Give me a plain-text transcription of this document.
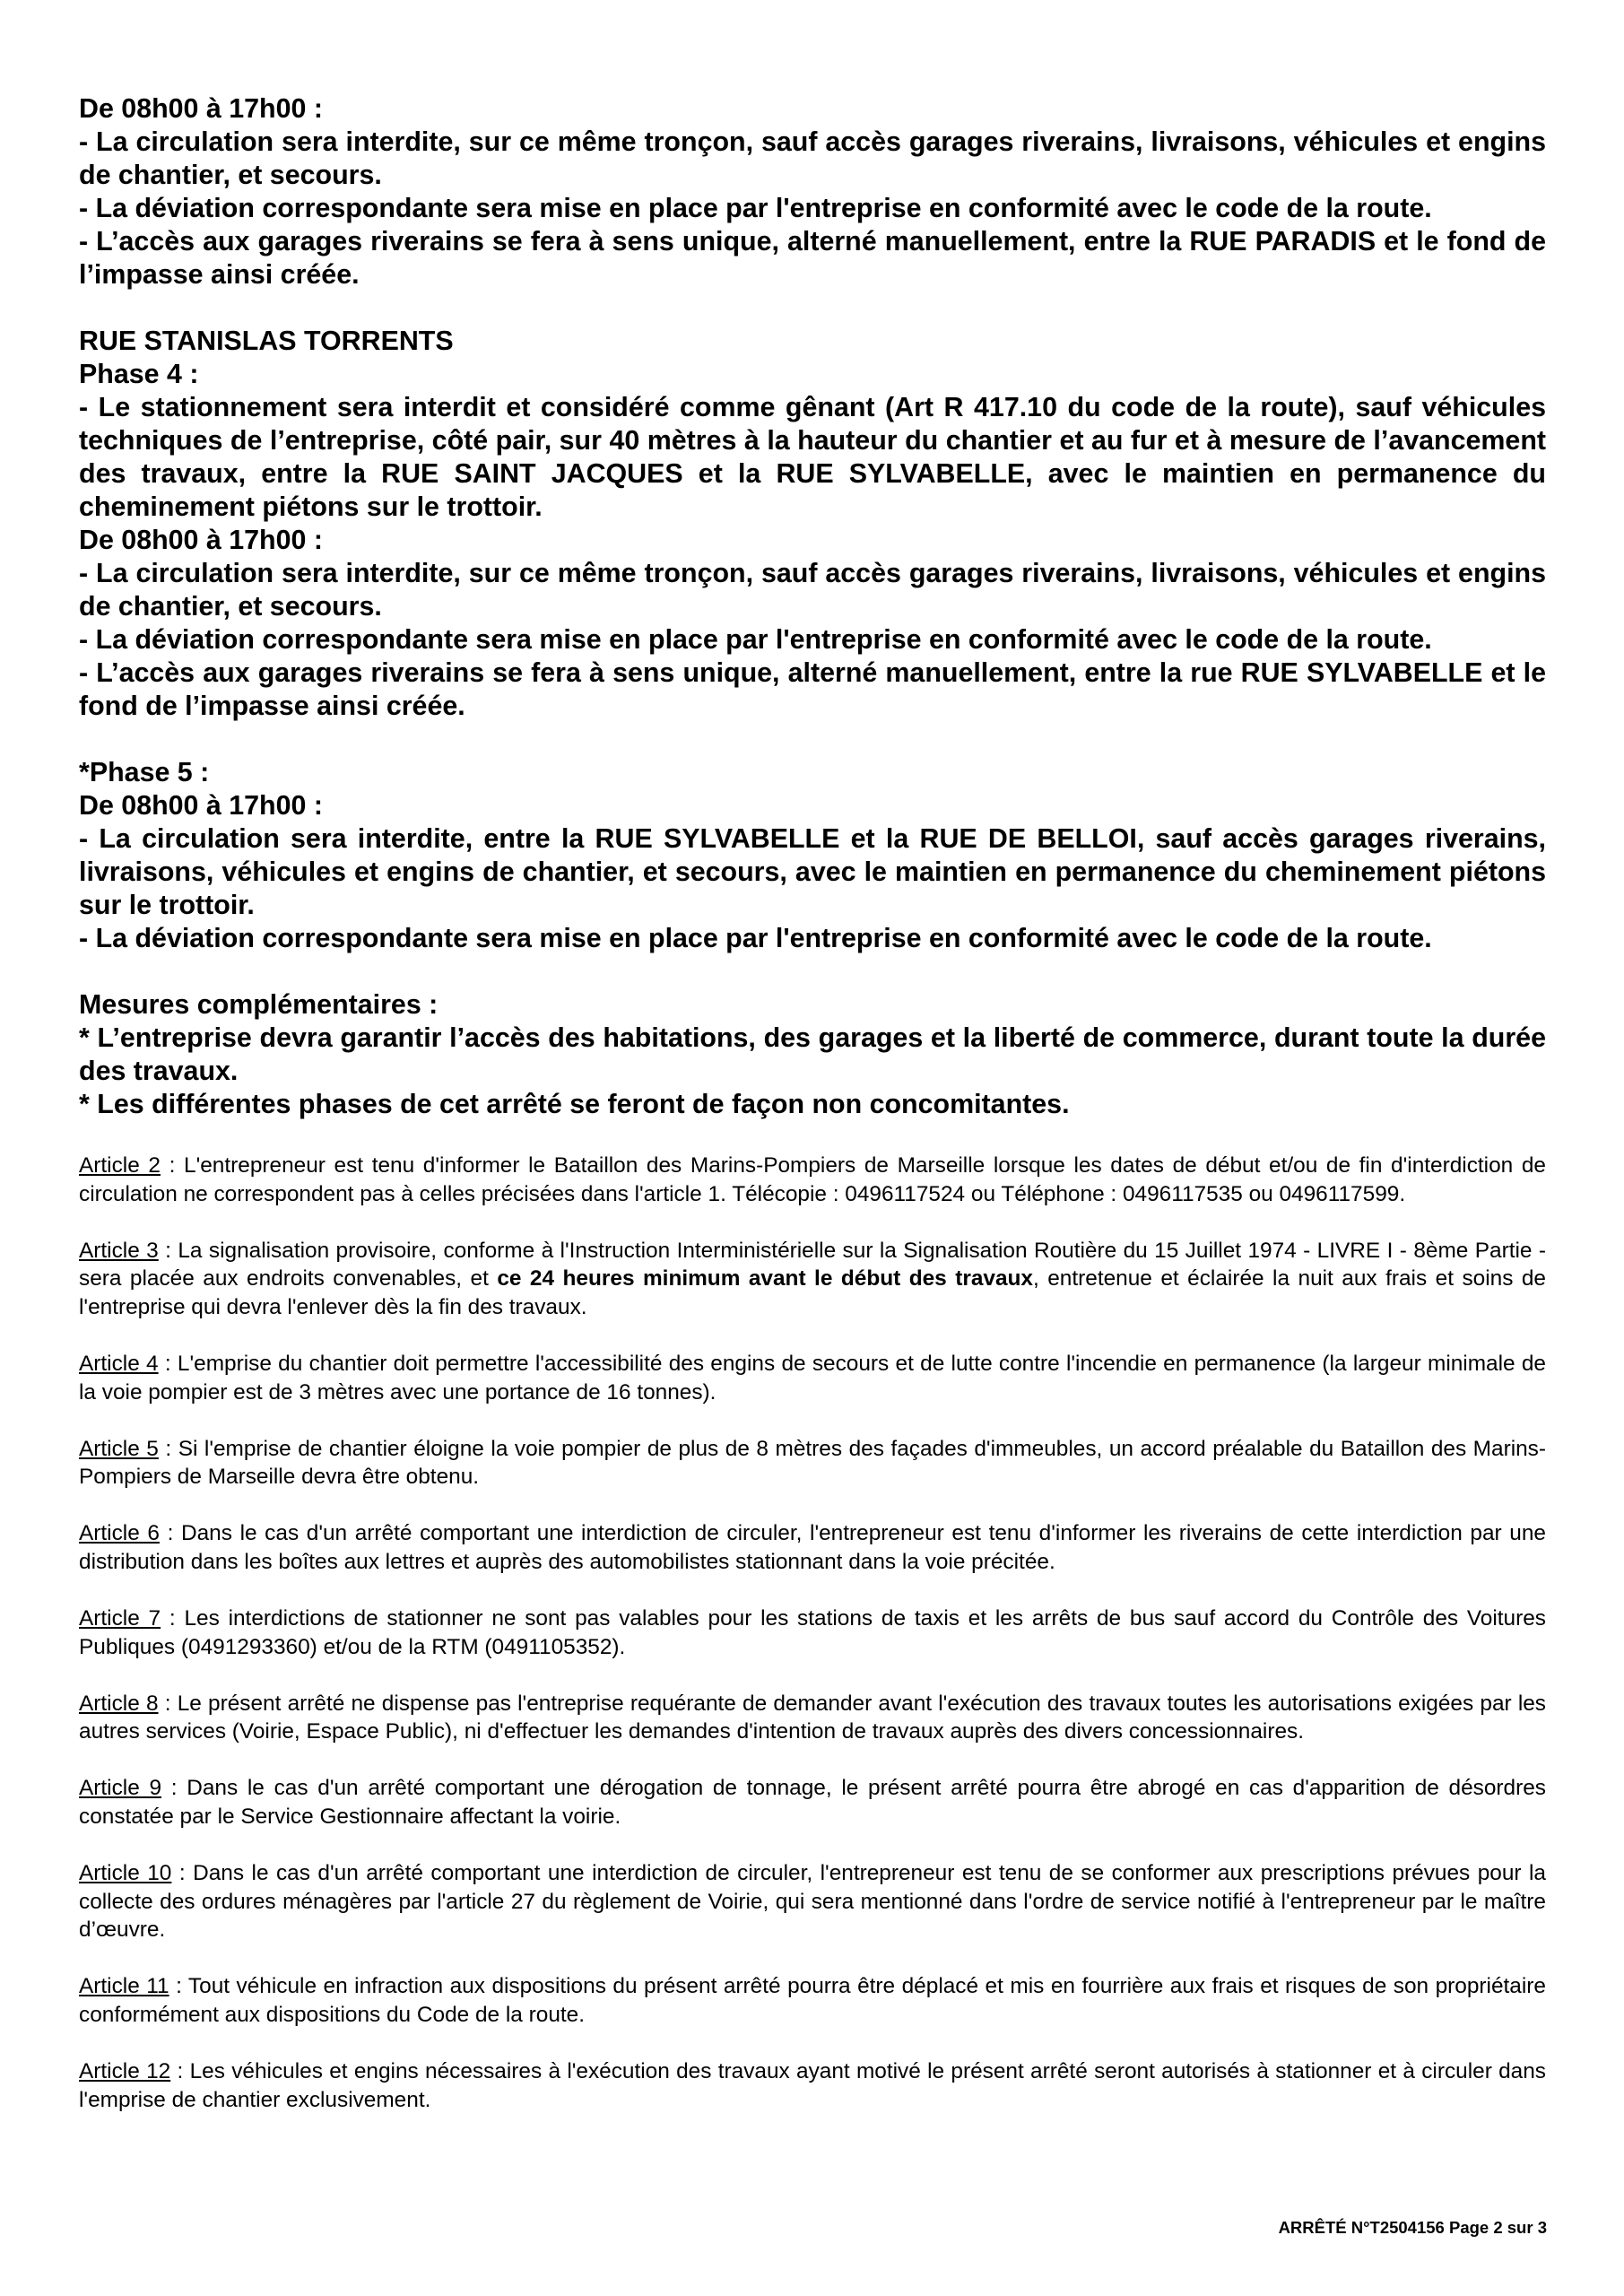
De 08h00 à 17h00 :

- La circulation sera interdite, sur ce même tronçon, sauf accès garages riverains, livraisons, véhicules et engins de chantier, et secours.

- La déviation correspondante sera mise en place par l'entreprise en conformité avec le code de la route.

- L’accès aux garages riverains se fera à sens unique, alterné manuellement, entre la RUE PARADIS et le fond de l’impasse ainsi créée.

RUE STANISLAS TORRENTS

Phase 4 :

- Le stationnement sera interdit et considéré comme gênant (Art R 417.10 du code de la route), sauf véhicules techniques de l’entreprise, côté pair, sur 40 mètres à la hauteur du chantier et au fur et à mesure de l’avancement des travaux, entre la RUE SAINT JACQUES et la RUE SYLVABELLE, avec le maintien en permanence du cheminement piétons sur le trottoir.

De 08h00 à 17h00 :

- La circulation sera interdite, sur ce même tronçon, sauf accès garages riverains, livraisons, véhicules et engins de chantier, et secours.

- La déviation correspondante sera mise en place par l'entreprise en conformité avec le code de la route.

- L’accès aux garages riverains se fera à sens unique, alterné manuellement, entre la rue RUE SYLVABELLE et le fond de l’impasse ainsi créée.

*Phase 5 :

De 08h00 à 17h00 :

- La circulation sera interdite, entre la RUE SYLVABELLE et la RUE DE BELLOI, sauf accès garages riverains, livraisons, véhicules et engins de chantier, et secours, avec le maintien en permanence du cheminement piétons sur le trottoir.

- La déviation correspondante sera mise en place par l'entreprise en conformité avec le code de la route.

Mesures complémentaires :

* L’entreprise devra garantir l’accès des habitations, des garages et la liberté de commerce, durant toute la durée des travaux.

* Les différentes phases de cet arrêté se feront de façon non concomitantes.

Article 2 : L'entrepreneur est tenu d'informer le Bataillon des Marins-Pompiers de Marseille lorsque les dates de début et/ou de fin d'interdiction de circulation ne correspondent pas à celles précisées dans l'article 1. Télécopie : 0496117524 ou Téléphone : 0496117535 ou 0496117599.

Article 3 : La signalisation provisoire, conforme à l'Instruction Interministérielle sur la Signalisation Routière du 15 Juillet 1974 - LIVRE I - 8ème Partie - sera placée aux endroits convenables, et ce 24 heures minimum avant le début des travaux, entretenue et éclairée la nuit aux frais et soins de l'entreprise qui devra l'enlever dès la fin des travaux.

Article 4 : L'emprise du chantier doit permettre l'accessibilité des engins de secours et de lutte contre l'incendie en permanence (la largeur minimale de la voie pompier est de 3 mètres avec une portance de 16 tonnes).

Article 5 : Si l'emprise de chantier éloigne la voie pompier de plus de 8 mètres des façades d'immeubles, un accord préalable du Bataillon des Marins-Pompiers de Marseille devra être obtenu.

Article 6 : Dans le cas d'un arrêté comportant une interdiction de circuler, l'entrepreneur est tenu d'informer les riverains de cette interdiction par une distribution dans les boîtes aux lettres et auprès des automobilistes stationnant dans la voie précitée.

Article 7 : Les interdictions de stationner ne sont pas valables pour les stations de taxis et les arrêts de bus sauf accord du Contrôle des Voitures Publiques (0491293360) et/ou de la RTM (0491105352).

Article 8 : Le présent arrêté ne dispense pas l'entreprise requérante de demander avant l'exécution des travaux toutes les autorisations exigées par les autres services (Voirie, Espace Public), ni d'effectuer les demandes d'intention de travaux auprès des divers concessionnaires.

Article 9 : Dans le cas d'un arrêté comportant une dérogation de tonnage, le présent arrêté pourra être abrogé en cas d'apparition de désordres constatée par le Service Gestionnaire affectant la voirie.

Article 10 : Dans le cas d'un arrêté comportant une interdiction de circuler, l'entrepreneur est tenu de se conformer aux prescriptions prévues pour la collecte des ordures ménagères par l'article 27 du règlement de Voirie, qui sera mentionné dans l'ordre de service notifié à l'entrepreneur par le maître d’œuvre.

Article 11 : Tout véhicule en infraction aux dispositions du présent arrêté pourra être déplacé et mis en fourrière aux frais et risques de son propriétaire conformément aux dispositions du Code de la route.

Article 12 : Les véhicules et engins nécessaires à l'exécution des travaux ayant motivé le présent arrêté seront autorisés à stationner et à circuler dans l'emprise de chantier exclusivement.

ARRÊTÉ N°T2504156 Page 2 sur 3
